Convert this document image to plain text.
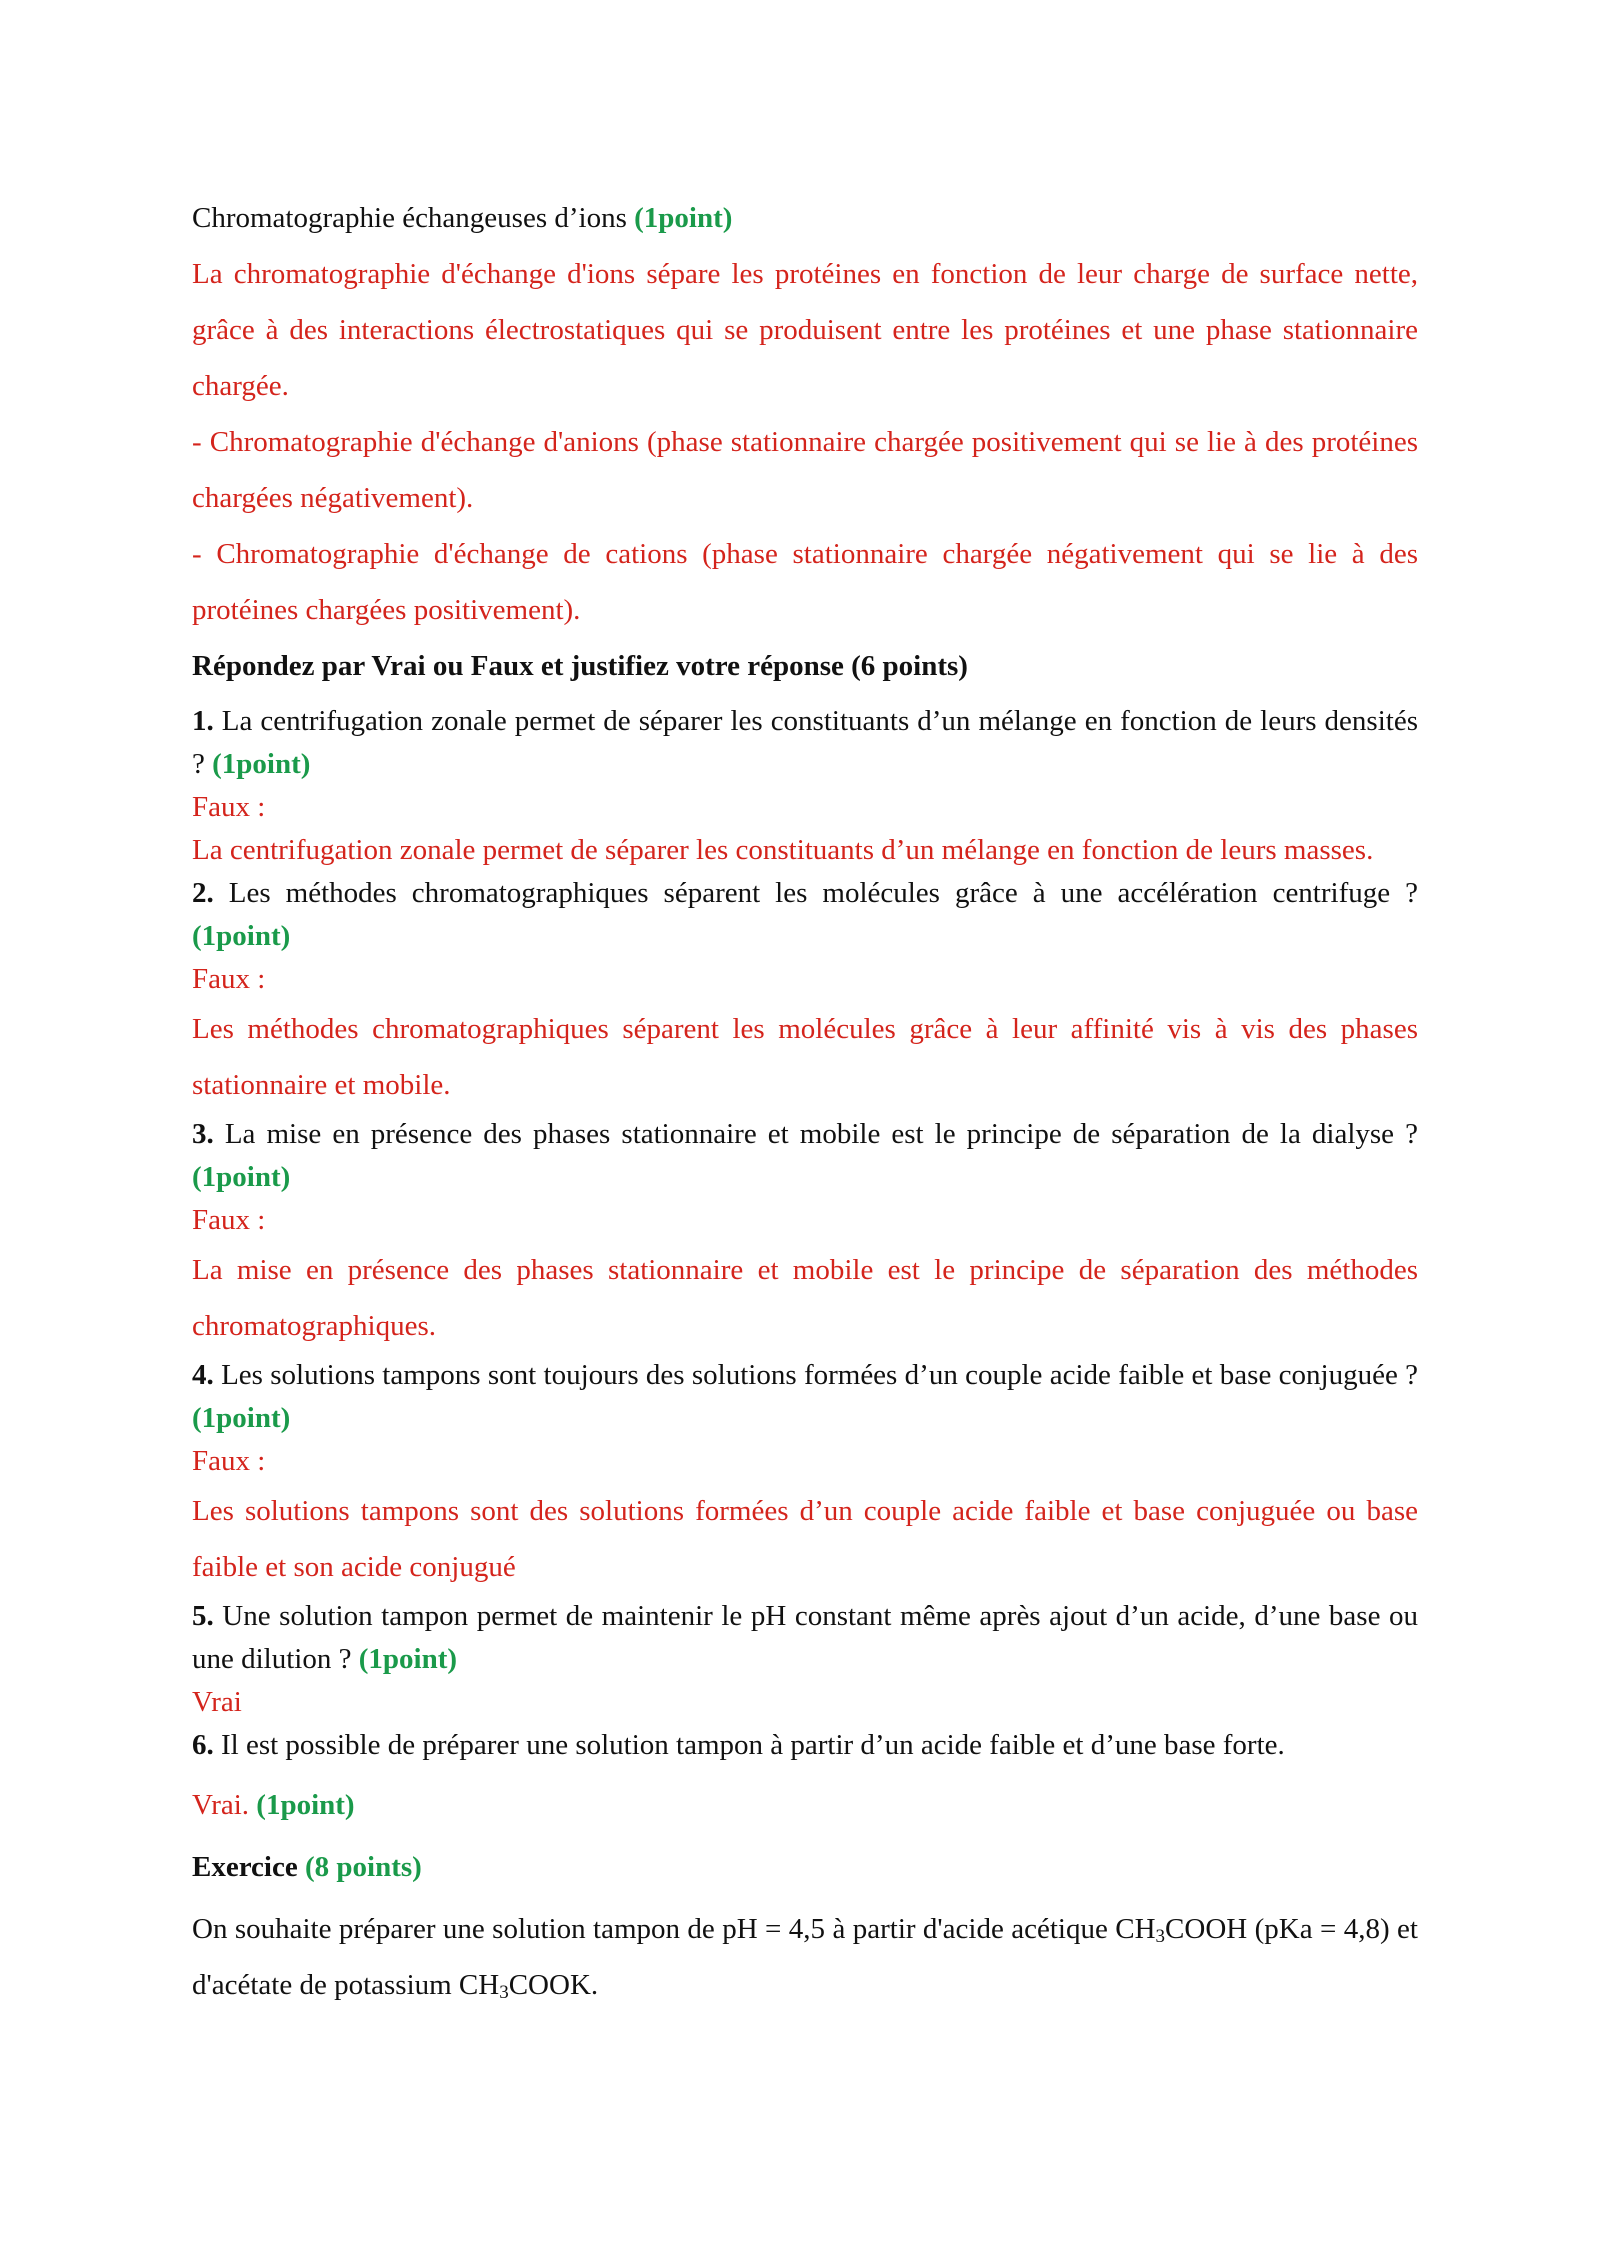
Chromatographie échangeuses d’ions (1point)

La chromatographie d'échange d'ions sépare les protéines en fonction de leur charge de surface nette, grâce à des interactions électrostatiques qui se produisent entre les protéines et une phase stationnaire chargée.

- Chromatographie d'échange d'anions (phase stationnaire chargée positivement qui se lie à des protéines chargées négativement).

- Chromatographie d'échange de cations (phase stationnaire chargée négativement qui se lie à des protéines chargées positivement).

Répondez par Vrai ou Faux et justifiez votre réponse (6 points)

1. La centrifugation zonale permet de séparer les constituants d’un mélange en fonction de leurs densités ? (1point)

Faux :

La centrifugation zonale permet de séparer les constituants d’un mélange en fonction de leurs masses.

2. Les méthodes chromatographiques séparent les molécules grâce à une accélération centrifuge ? (1point)

Faux :

Les méthodes chromatographiques séparent les molécules grâce à leur affinité vis à vis des phases stationnaire et mobile.

3. La mise en présence des phases stationnaire et mobile est le principe de séparation de la dialyse ? (1point)

Faux :

La mise en présence des phases stationnaire et mobile est le principe de séparation des méthodes chromatographiques.

4. Les solutions tampons sont toujours des solutions formées d’un couple acide faible et base conjuguée ? (1point)

Faux :

Les solutions tampons sont des solutions formées d’un couple acide faible et base conjuguée ou base faible et son acide conjugué

5. Une solution tampon permet de maintenir le pH constant même après ajout d’un acide, d’une base ou une dilution ? (1point)

Vrai

6. Il est possible de préparer une solution tampon à partir d’un acide faible et d’une base forte.

Vrai. (1point)

Exercice (8 points)

On souhaite préparer une solution tampon de pH = 4,5 à partir d'acide acétique $CH_3COOH$ (pKa = 4,8) et d'acétate de potassium $CH_3COOK$.
